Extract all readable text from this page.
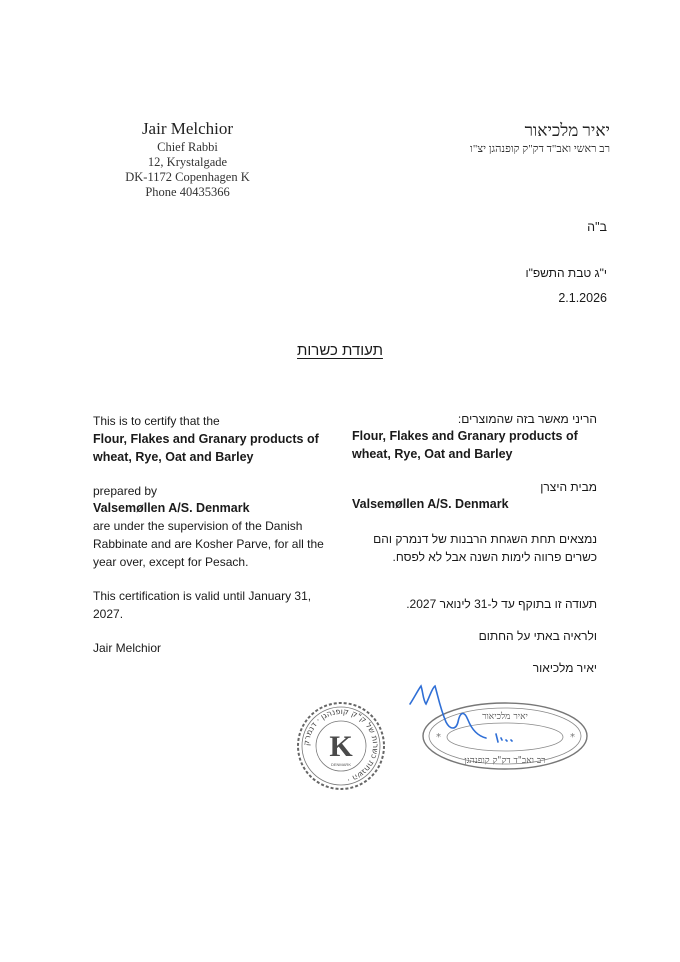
Jair Melchior
Chief Rabbi
12, Krystalgade
DK-1172 Copenhagen K
Phone 40435366
יאיר מלכיאור
רב ראשי ואב"ד דק"ק קופנהגן יצ"ו
ב"ה
י"ג טבת התשפ"ו
2.1.2026
תעודת כשרות
This is to certify that the
Flour, Flakes and Granary products of wheat, Rye, Oat and Barley
prepared by
Valsemøllen A/S. Denmark
are under the supervision of the Danish Rabbinate and are Kosher Parve, for all the year over, except for Pesach.
This certification is valid until January 31, 2027.
Jair Melchior
הריני מאשר בזה שהמוצרים:
Flour, Flakes and Granary products of wheat, Rye, Oat and Barley
מבית היצרן
Valsemøllen A/S. Denmark
נמצאים תחת השגחת הרבנות של דנמרק והם כשרים פרווה לימות השנה אבל לא לפסח.
תעודה זו בתוקף עד ל-31 לינואר 2027.
ולראיה באתי על החתום
יאיר מלכיאור
השגחת כשרות של ק"ק קופנהגן · דנמרק ·
K
DENMARK
יאיר מלכיאור
רב ואב"ד דק"ק קופנהגן
*	*
